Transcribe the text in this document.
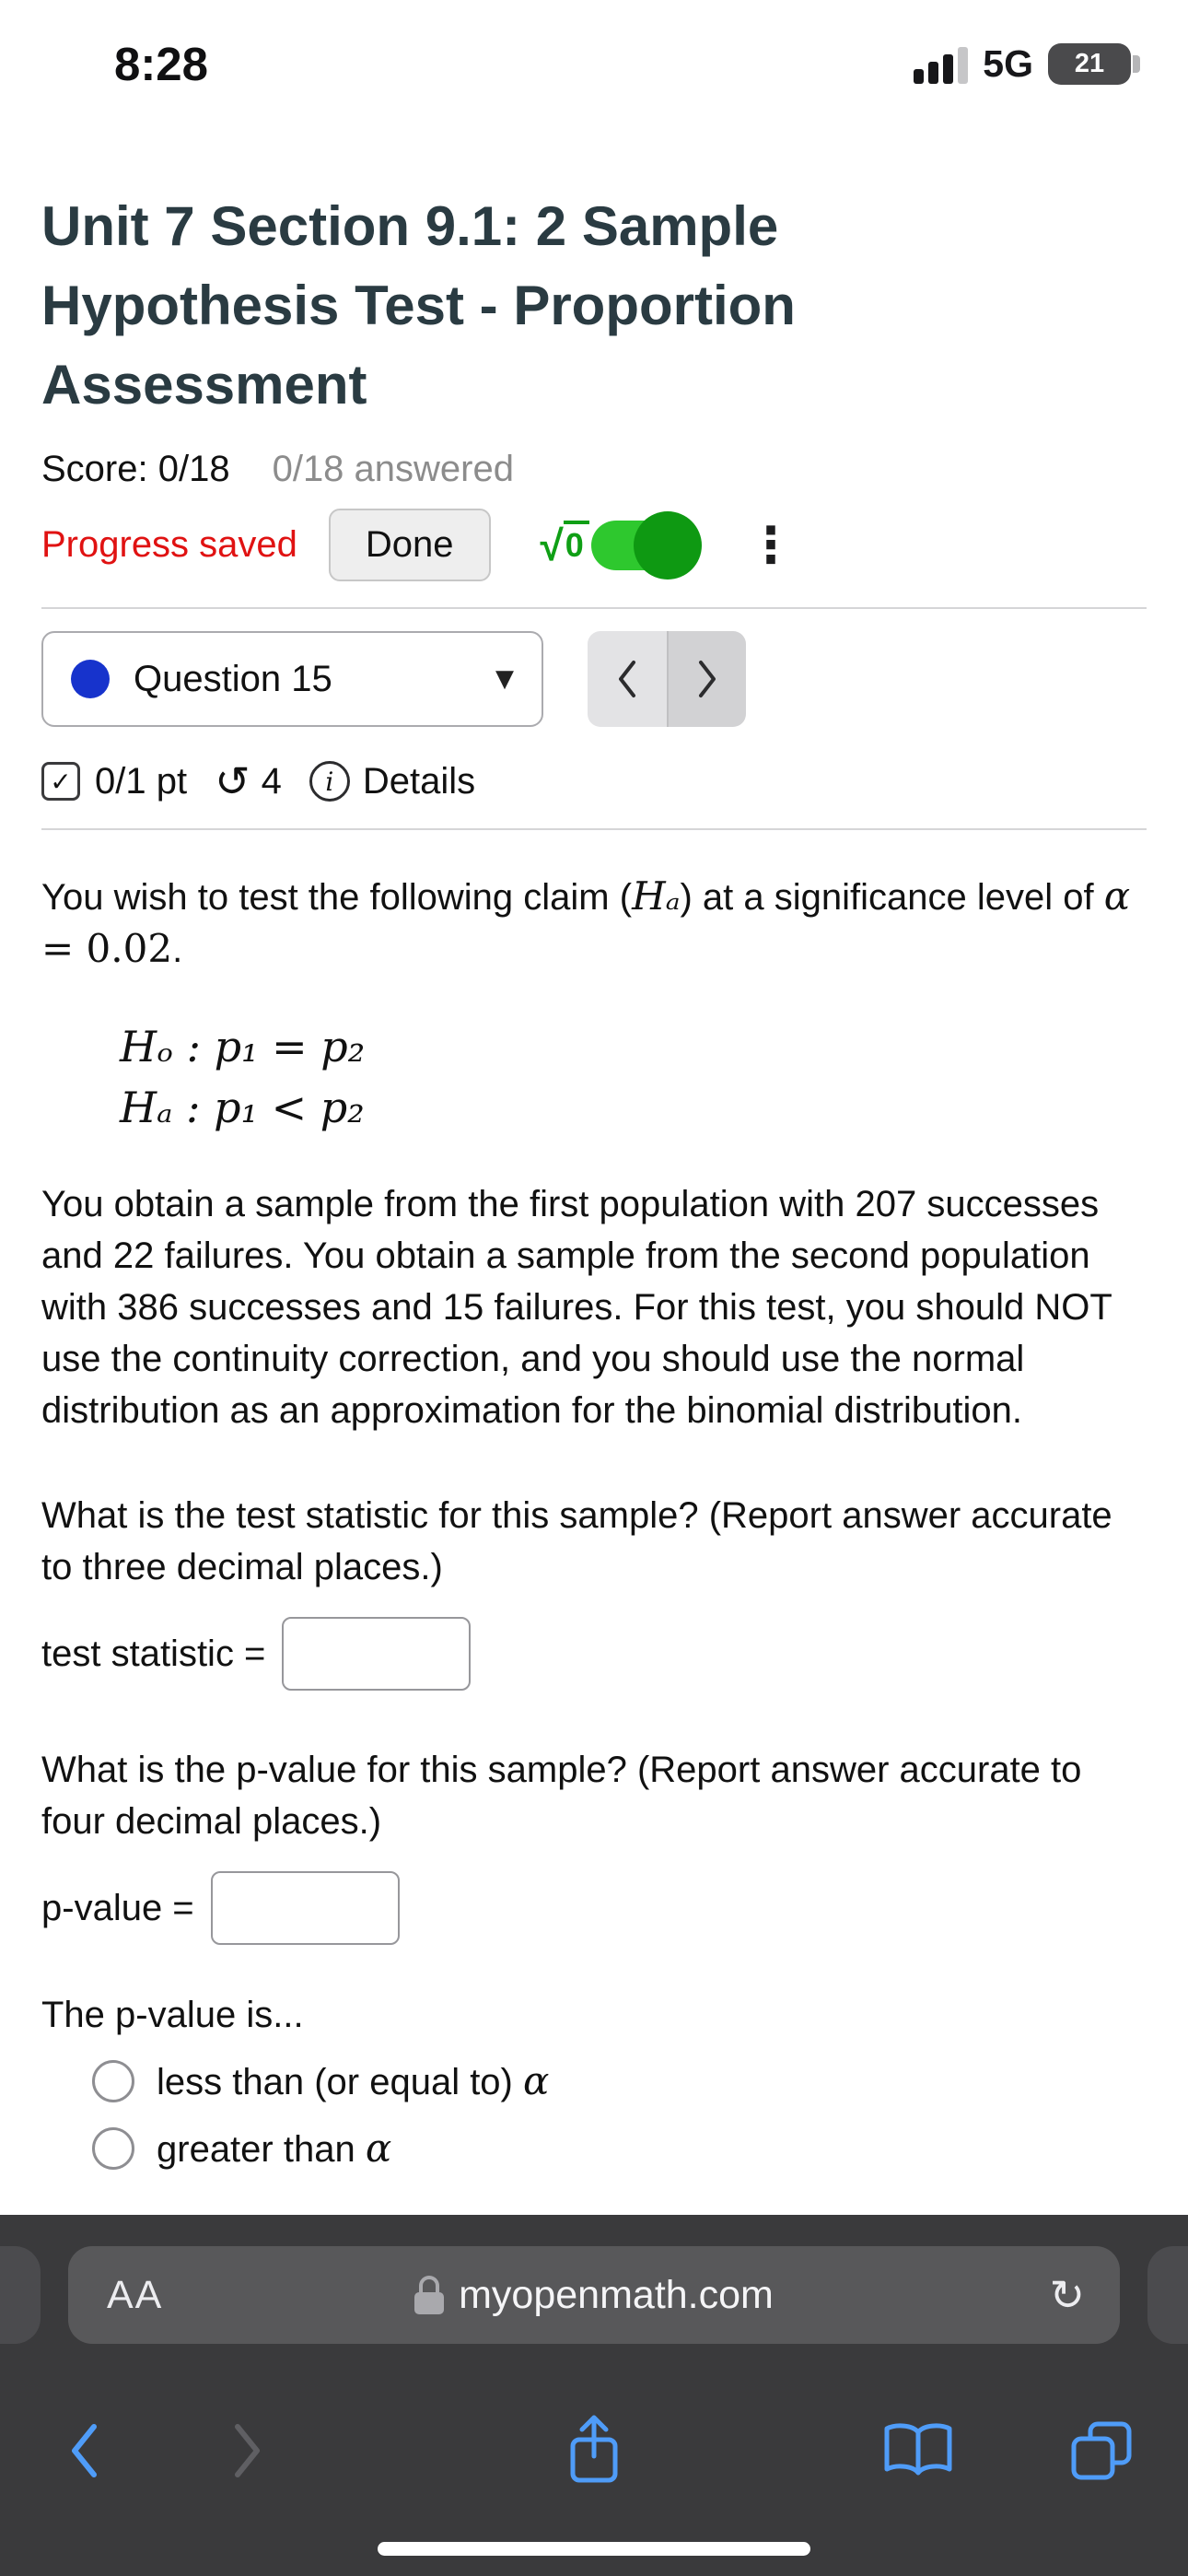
8:28	5G 21
Unit 7 Section 9.1: 2 Sample
Hypothesis Test - Proportion
Assessment
Score: 0/18 0/18 answered
Progress saved	Done	√ 0	⋮
Question 15	▼
✓ 0/1 pt ↺ 4 i Details
You wish to test the following claim (Hₐ) at a significance level of α = 0.02.
Hₒ : p₁ = p₂
Hₐ : p₁ < p₂
You obtain a sample from the first population with 207 successes and 22 failures. You obtain a sample from the second population with 386 successes and 15 failures. For this test, you should NOT use the continuity correction, and you should use the normal distribution as an approximation for the binomial distribution.
What is the test statistic for this sample? (Report answer accurate to three decimal places.)
test statistic =
What is the p-value for this sample? (Report answer accurate to four decimal places.)
p-value =
The p-value is...
less than (or equal to) α
greater than α
AA	myopenmath.com	↻
